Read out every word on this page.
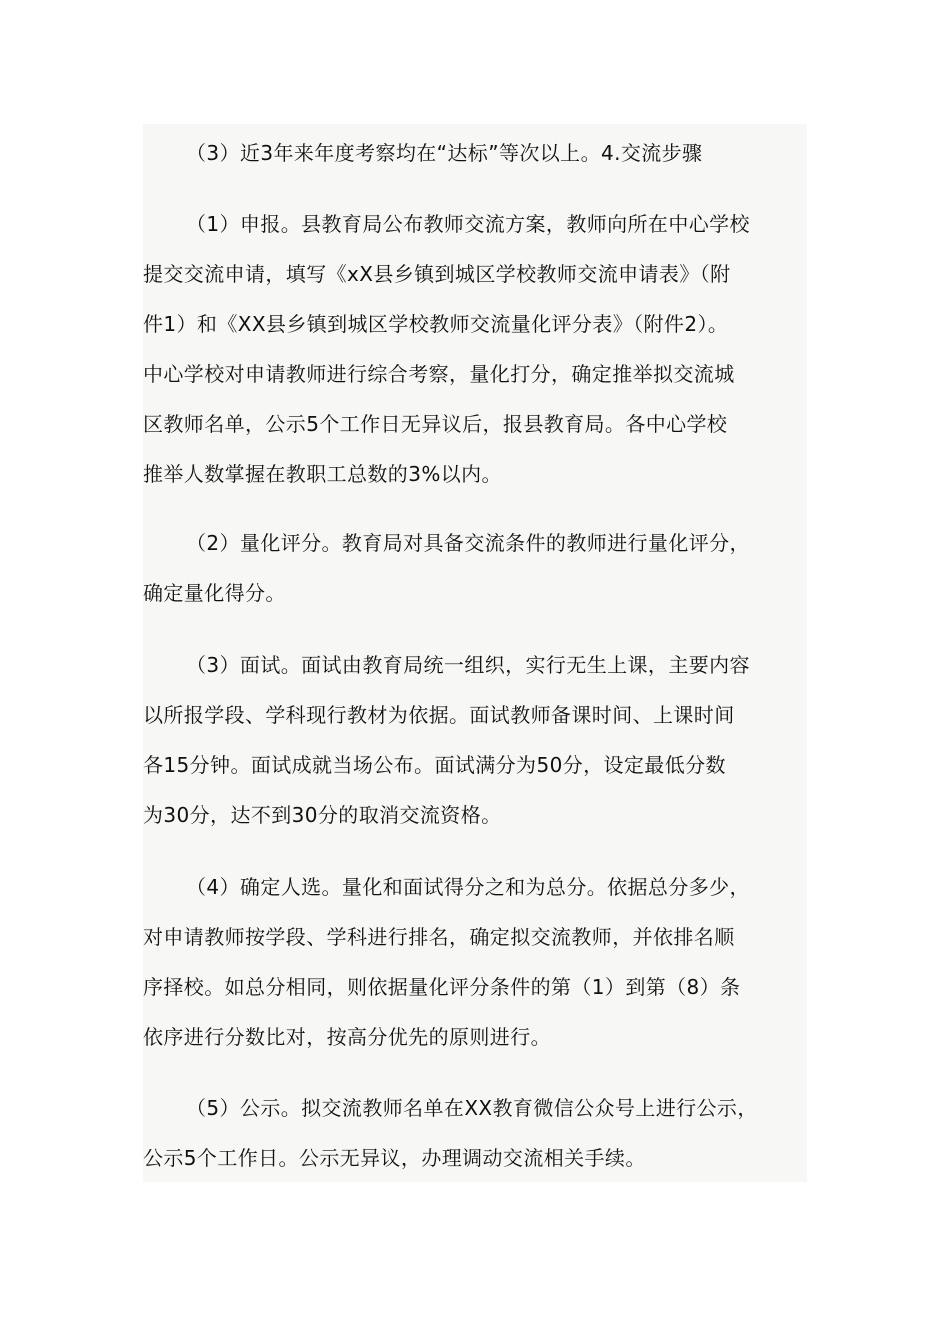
（3）近3年来年度考察均在“达标”等次以上。4.交流步骤

（1）申报。县教育局公布教师交流方案，教师向所在中心学校
提交交流申请，填写《xX县乡镇到城区学校教师交流申请表》（附
件1）和《XX县乡镇到城区学校教师交流量化评分表》（附件2）。
中心学校对申请教师进行综合考察，量化打分，确定推举拟交流城
区教师名单，公示5个工作日无异议后，报县教育局。各中心学校
推举人数掌握在教职工总数的3%以内。

（2）量化评分。教育局对具备交流条件的教师进行量化评分，
确定量化得分。

（3）面试。面试由教育局统一组织，实行无生上课，主要内容
以所报学段、学科现行教材为依据。面试教师备课时间、上课时间
各15分钟。面试成就当场公布。面试满分为50分，设定最低分数
为30分，达不到30分的取消交流资格。

（4）确定人选。量化和面试得分之和为总分。依据总分多少，
对申请教师按学段、学科进行排名，确定拟交流教师，并依排名顺
序择校。如总分相同，则依据量化评分条件的第（1）到第（8）条
依序进行分数比对，按高分优先的原则进行。

（5）公示。拟交流教师名单在XX教育微信公众号上进行公示，
公示5个工作日。公示无异议，办理调动交流相关手续。
